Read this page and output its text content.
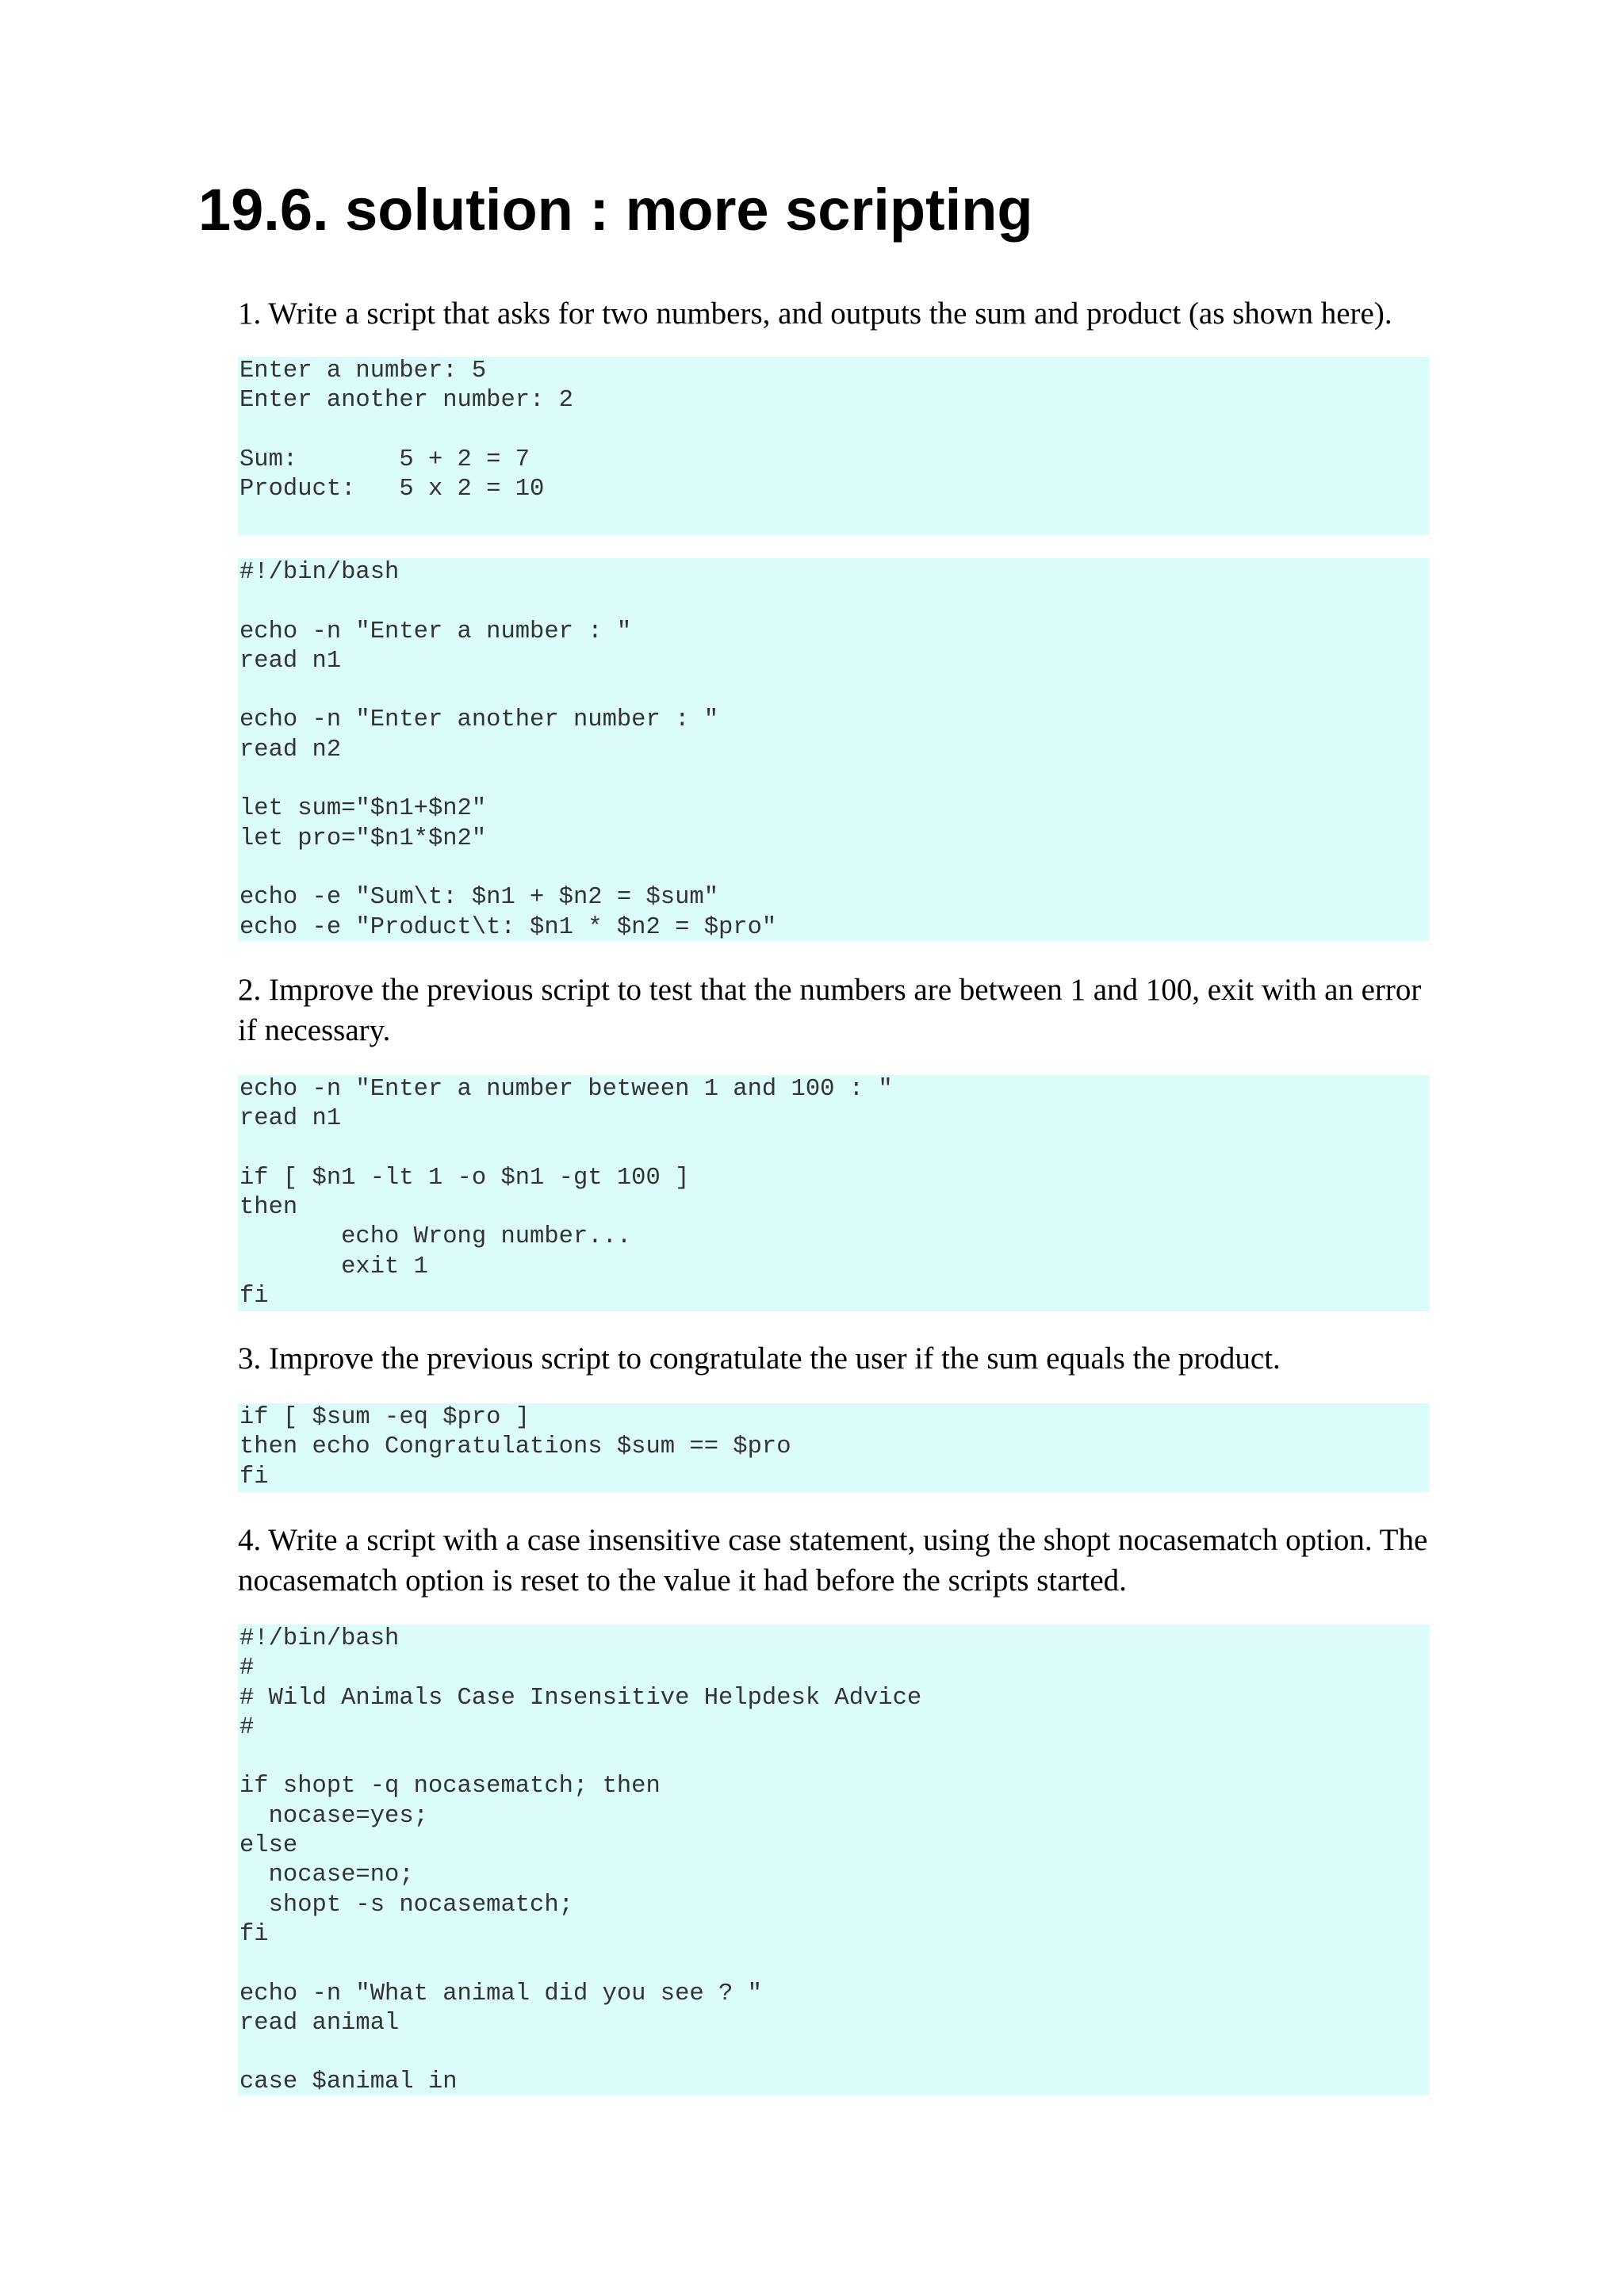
19.6. solution : more scripting

1. Write a script that asks for two numbers, and outputs the sum and product (as shown here).

Enter a number: 5
Enter another number: 2

Sum:       5 + 2 = 7
Product:   5 x 2 = 10
#!/bin/bash

echo -n "Enter a number : "
read n1

echo -n "Enter another number : "
read n2

let sum="$n1+$n2"
let pro="$n1*$n2"

echo -e "Sum\t: $n1 + $n2 = $sum"
echo -e "Product\t: $n1 * $n2 = $pro"

2. Improve the previous script to test that the numbers are between 1 and 100, exit with an error if necessary.

echo -n "Enter a number between 1 and 100 : "
read n1

if [ $n1 -lt 1 -o $n1 -gt 100 ]
then
echo Wrong number...
exit 1
fi

3. Improve the previous script to congratulate the user if the sum equals the product.

if [ $sum -eq $pro ]
then echo Congratulations $sum == $pro
fi

4. Write a script with a case insensitive case statement, using the shopt nocasematch option. The nocasematch option is reset to the value it had before the scripts started.

#!/bin/bash
#
# Wild Animals Case Insensitive Helpdesk Advice
#

if shopt -q nocasematch; then
nocase=yes;
else
nocase=no;
shopt -s nocasematch;
fi

echo -n "What animal did you see ? "
read animal

case $animal in
